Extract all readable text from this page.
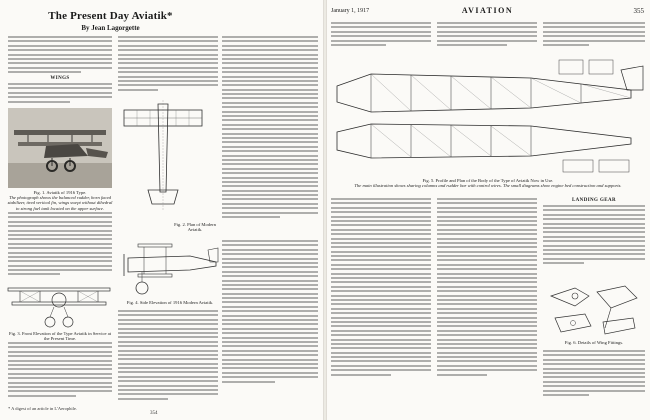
The Present Day Aviatik*
By Jean Lagorgette
WINGS
Fig. 1. Aviatik of 1916 Type.
The photograph shows the balanced rudder, horn faced stabilizer, tired vertical fin, wings swept without dihedral to strong fuel tank located on the upper surface.
Fig. 2. Plan of Modern Aviatik.
Fig. 3. Front Elevation of the Type Aviatik in Service at the Present Time.
Fig. 4. Side Elevation of 1916 Modern Aviatik.
* A digest of an article in L'Aerophile.
354
January 1, 1917	AVIATION	355
Fig. 5. Profile and Plan of the Body of the Type of Aviatik Now in Use.
The main illustration shows sharing columns and rudder bar with control wires. The small diagrams show engine bed construction and supports.
LANDING GEAR
Fig. 6. Details of Wing Fittings.
